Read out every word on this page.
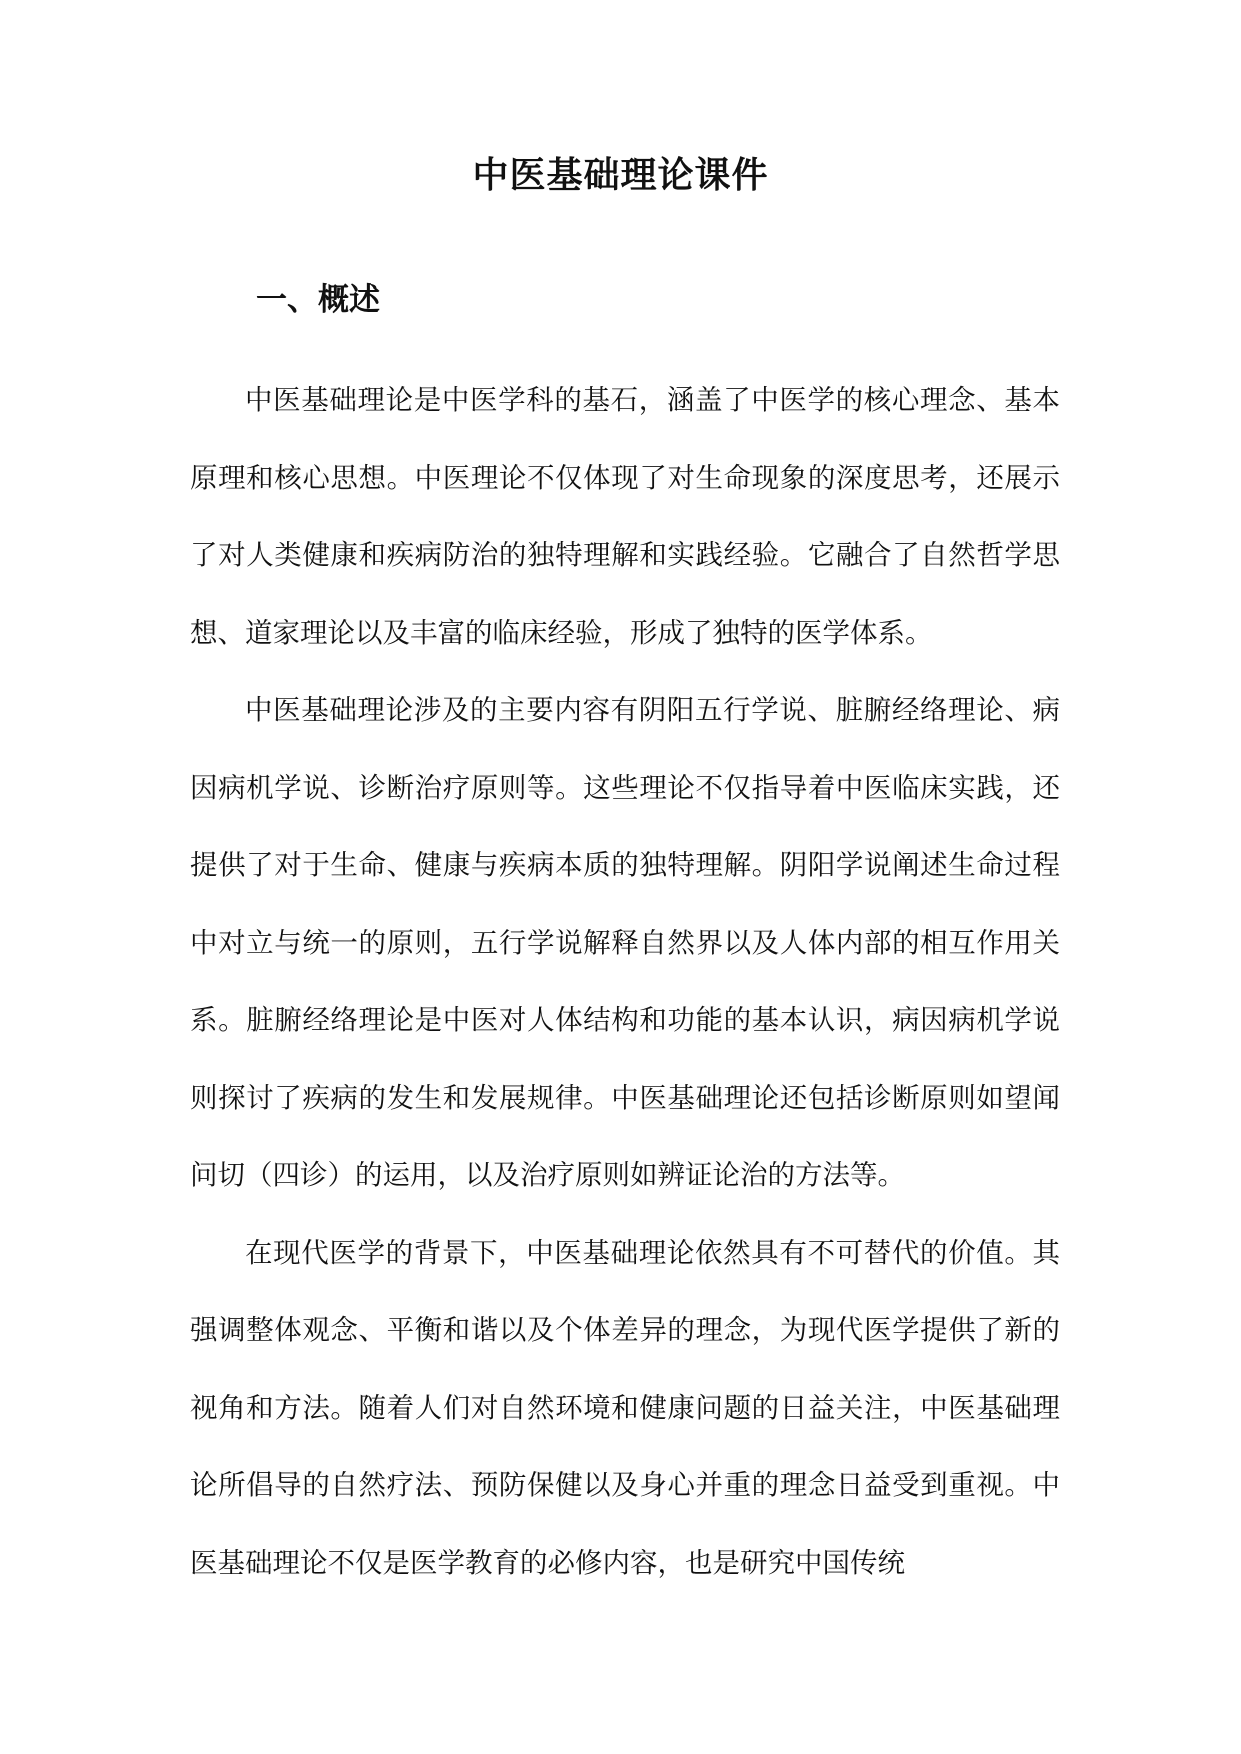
中医基础理论课件
一、概述

中医基础理论是中医学科的基石，涵盖了中医学的核心理念、基本原理和核心思想。中医理论不仅体现了对生命现象的深度思考，还展示了对人类健康和疾病防治的独特理解和实践经验。它融合了自然哲学思想、道家理论以及丰富的临床经验，形成了独特的医学体系。

中医基础理论涉及的主要内容有阴阳五行学说、脏腑经络理论、病因病机学说、诊断治疗原则等。这些理论不仅指导着中医临床实践，还提供了对于生命、健康与疾病本质的独特理解。阴阳学说阐述生命过程中对立与统一的原则，五行学说解释自然界以及人体内部的相互作用关系。脏腑经络理论是中医对人体结构和功能的基本认识，病因病机学说则探讨了疾病的发生和发展规律。中医基础理论还包括诊断原则如望闻问切（四诊）的运用，以及治疗原则如辨证论治的方法等。

在现代医学的背景下，中医基础理论依然具有不可替代的价值。其强调整体观念、平衡和谐以及个体差异的理念，为现代医学提供了新的视角和方法。随着人们对自然环境和健康问题的日益关注，中医基础理论所倡导的自然疗法、预防保健以及身心并重的理念日益受到重视。中医基础理论不仅是医学教育的必修内容，也是研究中国传统
